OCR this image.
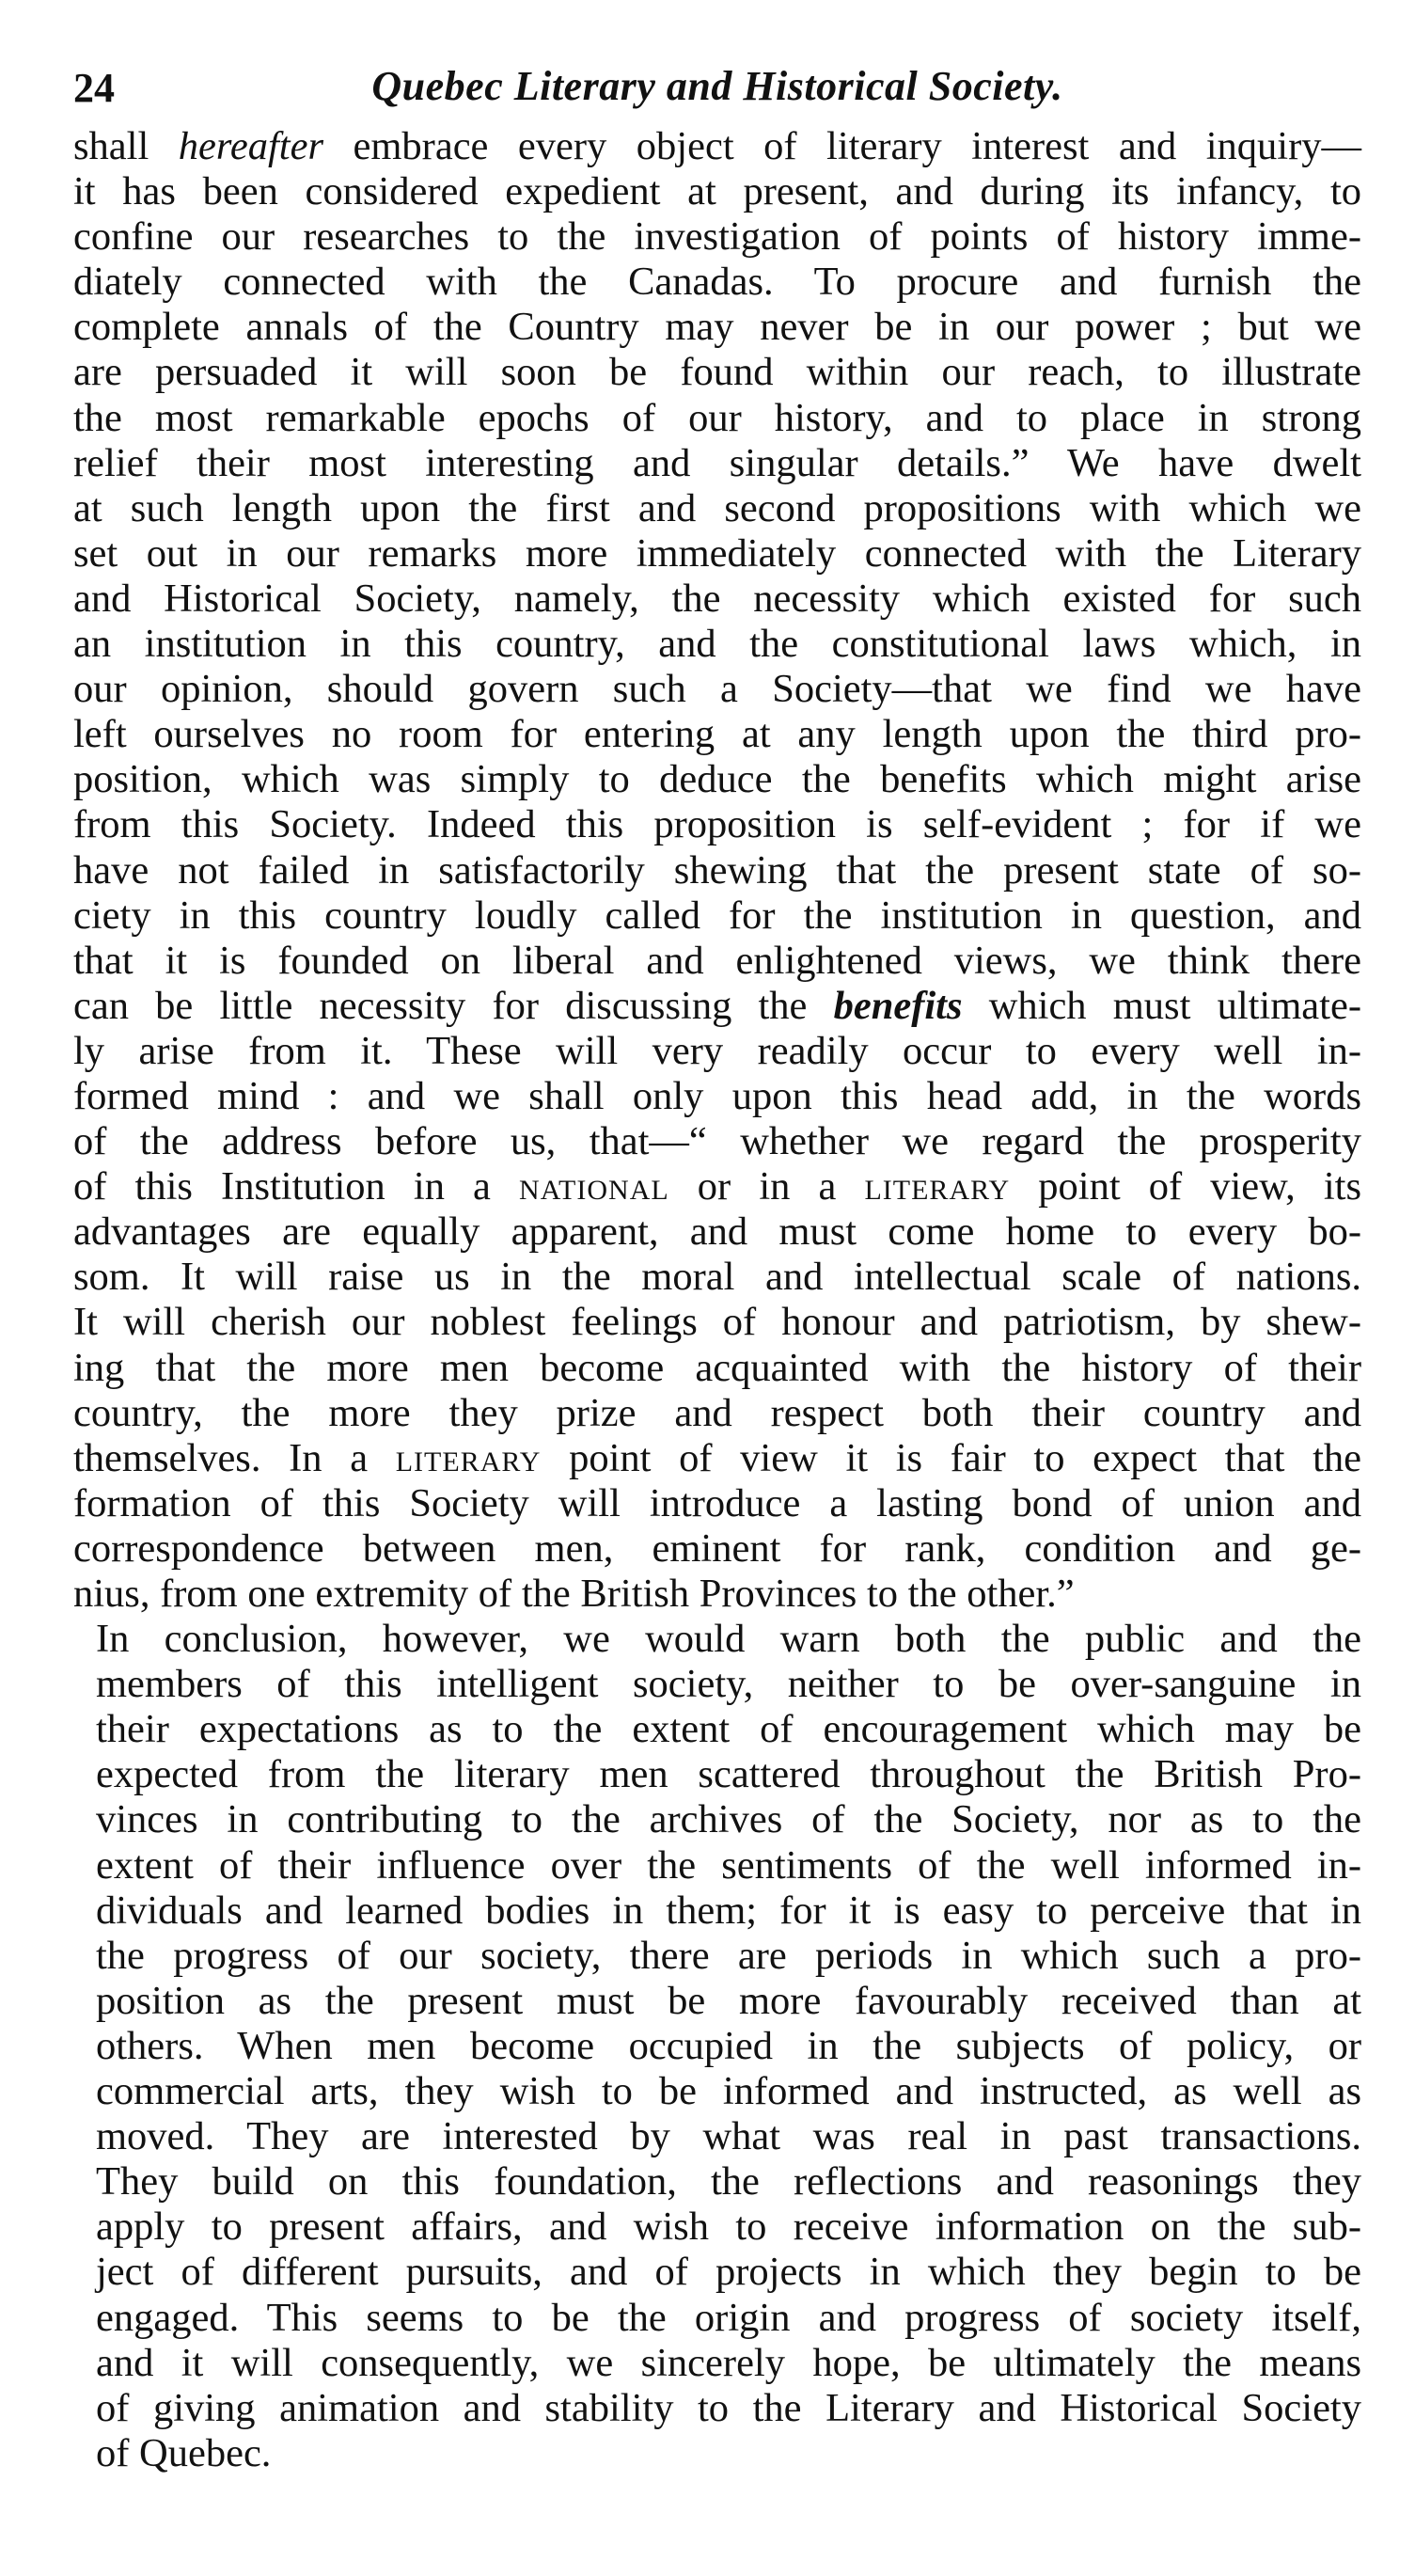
24	Quebec Literary and Historical Society.

shall hereafter embrace every object of literary interest and inquiry—
it has been considered expedient at present, and during its infancy, to
confine our researches to the investigation of points of history imme-
diately connected with the Canadas. To procure and furnish the
complete annals of the Country may never be in our power ; but we
are persuaded it will soon be found within our reach, to illustrate
the most remarkable epochs of our history, and to place in strong
relief their most interesting and singular details.” We have dwelt
at such length upon the first and second propositions with which we
set out in our remarks more immediately connected with the Literary
and Historical Society, namely, the necessity which existed for such
an institution in this country, and the constitutional laws which, in
our opinion, should govern such a Society—that we find we have
left ourselves no room for entering at any length upon the third pro-
position, which was simply to deduce the benefits which might arise
from this Society. Indeed this proposition is self-evident ; for if we
have not failed in satisfactorily shewing that the present state of so-
ciety in this country loudly called for the institution in question, and
that it is founded on liberal and enlightened views, we think there
can be little necessity for discussing the benefits which must ultimate-
ly arise from it. These will very readily occur to every well in-
formed mind : and we shall only upon this head add, in the words
of the address before us, that—“ whether we regard the prosperity
of this Institution in a national or in a literary point of view, its
advantages are equally apparent, and must come home to every bo-
som. It will raise us in the moral and intellectual scale of nations.
It will cherish our noblest feelings of honour and patriotism, by shew-
ing that the more men become acquainted with the history of their
country, the more they prize and respect both their country and
themselves. In a literary point of view it is fair to expect that the
formation of this Society will introduce a lasting bond of union and
correspondence between men, eminent for rank, condition and ge-
nius, from one extremity of the British Provinces to the other.”

In conclusion, however, we would warn both the public and the
members of this intelligent society, neither to be over-sanguine in
their expectations as to the extent of encouragement which may be
expected from the literary men scattered throughout the British Pro-
vinces in contributing to the archives of the Society, nor as to the
extent of their influence over the sentiments of the well informed in-
dividuals and learned bodies in them; for it is easy to perceive that in
the progress of our society, there are periods in which such a pro-
position as the present must be more favourably received than at
others. When men become occupied in the subjects of policy, or
commercial arts, they wish to be informed and instructed, as well as
moved. They are interested by what was real in past transactions.
They build on this foundation, the reflections and reasonings they
apply to present affairs, and wish to receive information on the sub-
ject of different pursuits, and of projects in which they begin to be
engaged. This seems to be the origin and progress of society itself,
and it will consequently, we sincerely hope, be ultimately the means
of giving animation and stability to the Literary and Historical Society
of Quebec.
